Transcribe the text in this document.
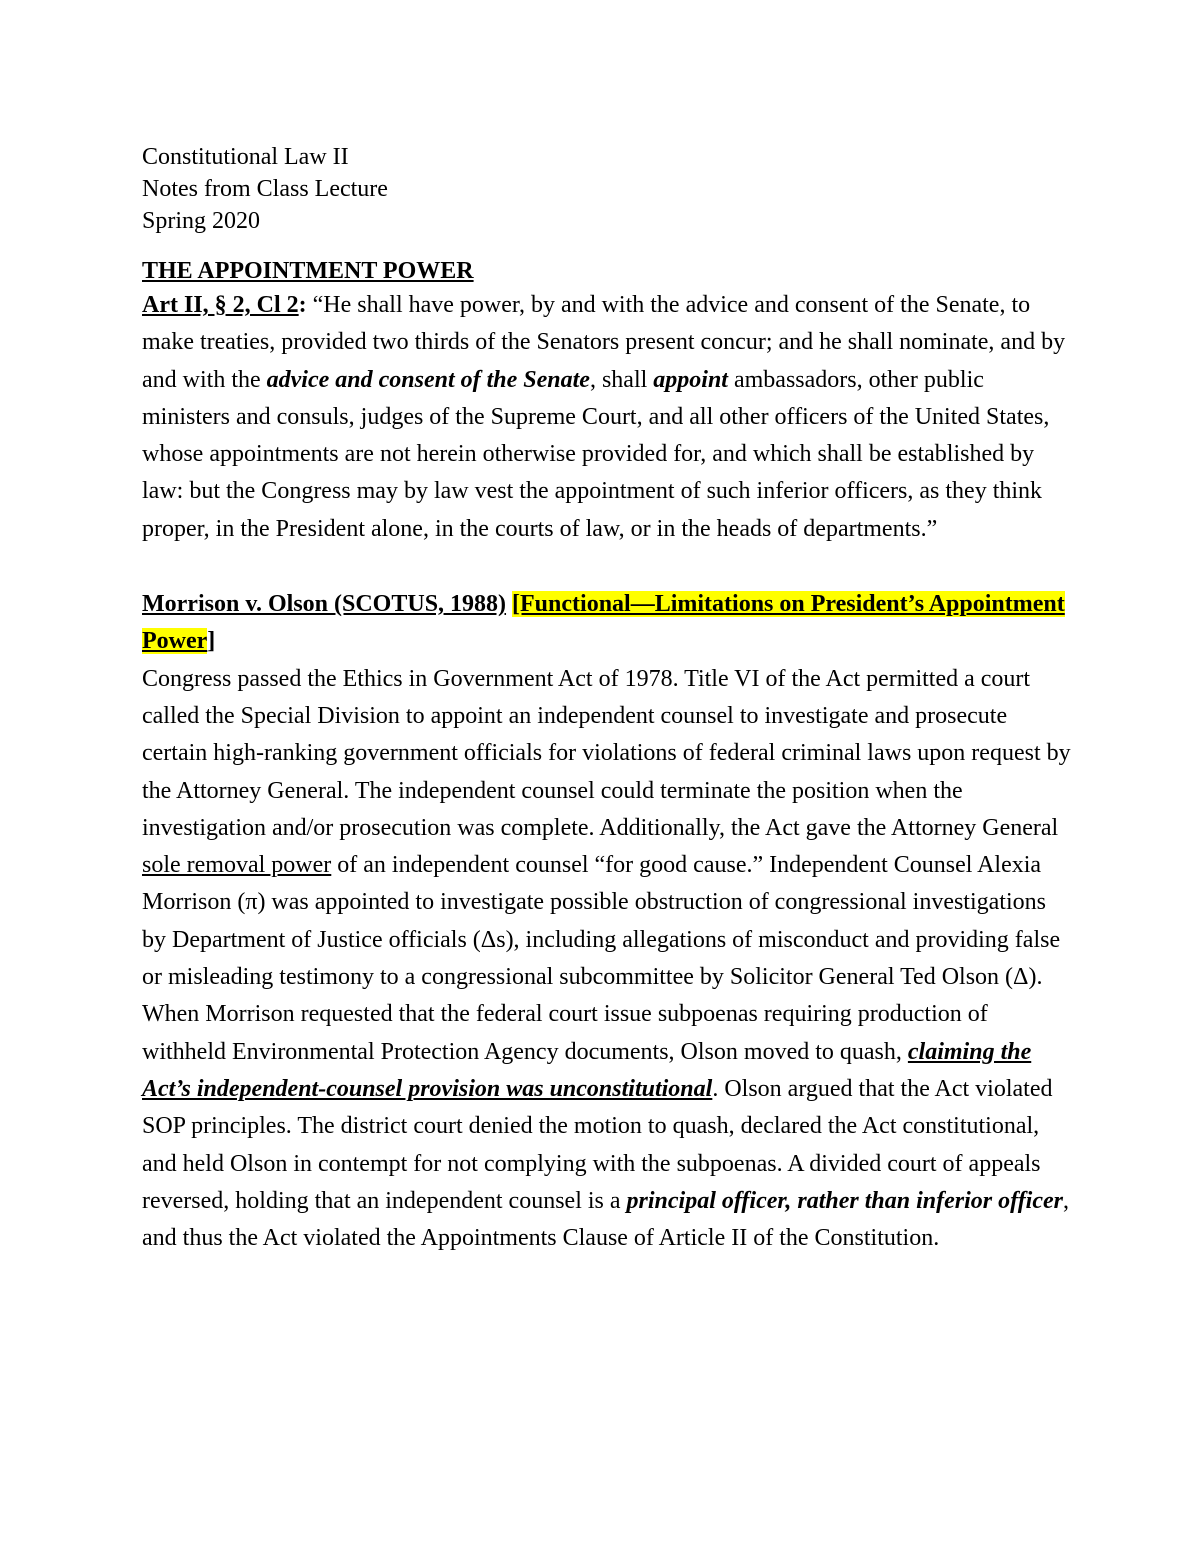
Constitutional Law II

Notes from Class Lecture

Spring 2020

THE APPOINTMENT POWER

Art II, § 2, Cl 2: “He shall have power, by and with the advice and consent of the Senate, to make treaties, provided two thirds of the Senators present concur; and he shall nominate, and by and with the advice and consent of the Senate, shall appoint ambassadors, other public ministers and consuls, judges of the Supreme Court, and all other officers of the United States, whose appointments are not herein otherwise provided for, and which shall be established by law: but the Congress may by law vest the appointment of such inferior officers, as they think proper, in the President alone, in the courts of law, or in the heads of departments.”

Morrison v. Olson (SCOTUS, 1988) [Functional—Limitations on President’s Appointment Power]

Congress passed the Ethics in Government Act of 1978. Title VI of the Act permitted a court called the Special Division to appoint an independent counsel to investigate and prosecute certain high-ranking government officials for violations of federal criminal laws upon request by the Attorney General. The independent counsel could terminate the position when the investigation and/or prosecution was complete. Additionally, the Act gave the Attorney General sole removal power of an independent counsel “for good cause.” Independent Counsel Alexia Morrison (π) was appointed to investigate possible obstruction of congressional investigations by Department of Justice officials (Δs), including allegations of misconduct and providing false or misleading testimony to a congressional subcommittee by Solicitor General Ted Olson (Δ). When Morrison requested that the federal court issue subpoenas requiring production of withheld Environmental Protection Agency documents, Olson moved to quash, claiming the Act’s independent-counsel provision was unconstitutional. Olson argued that the Act violated SOP principles. The district court denied the motion to quash, declared the Act constitutional, and held Olson in contempt for not complying with the subpoenas. A divided court of appeals reversed, holding that an independent counsel is a principal officer, rather than inferior officer, and thus the Act violated the Appointments Clause of Article II of the Constitution.
